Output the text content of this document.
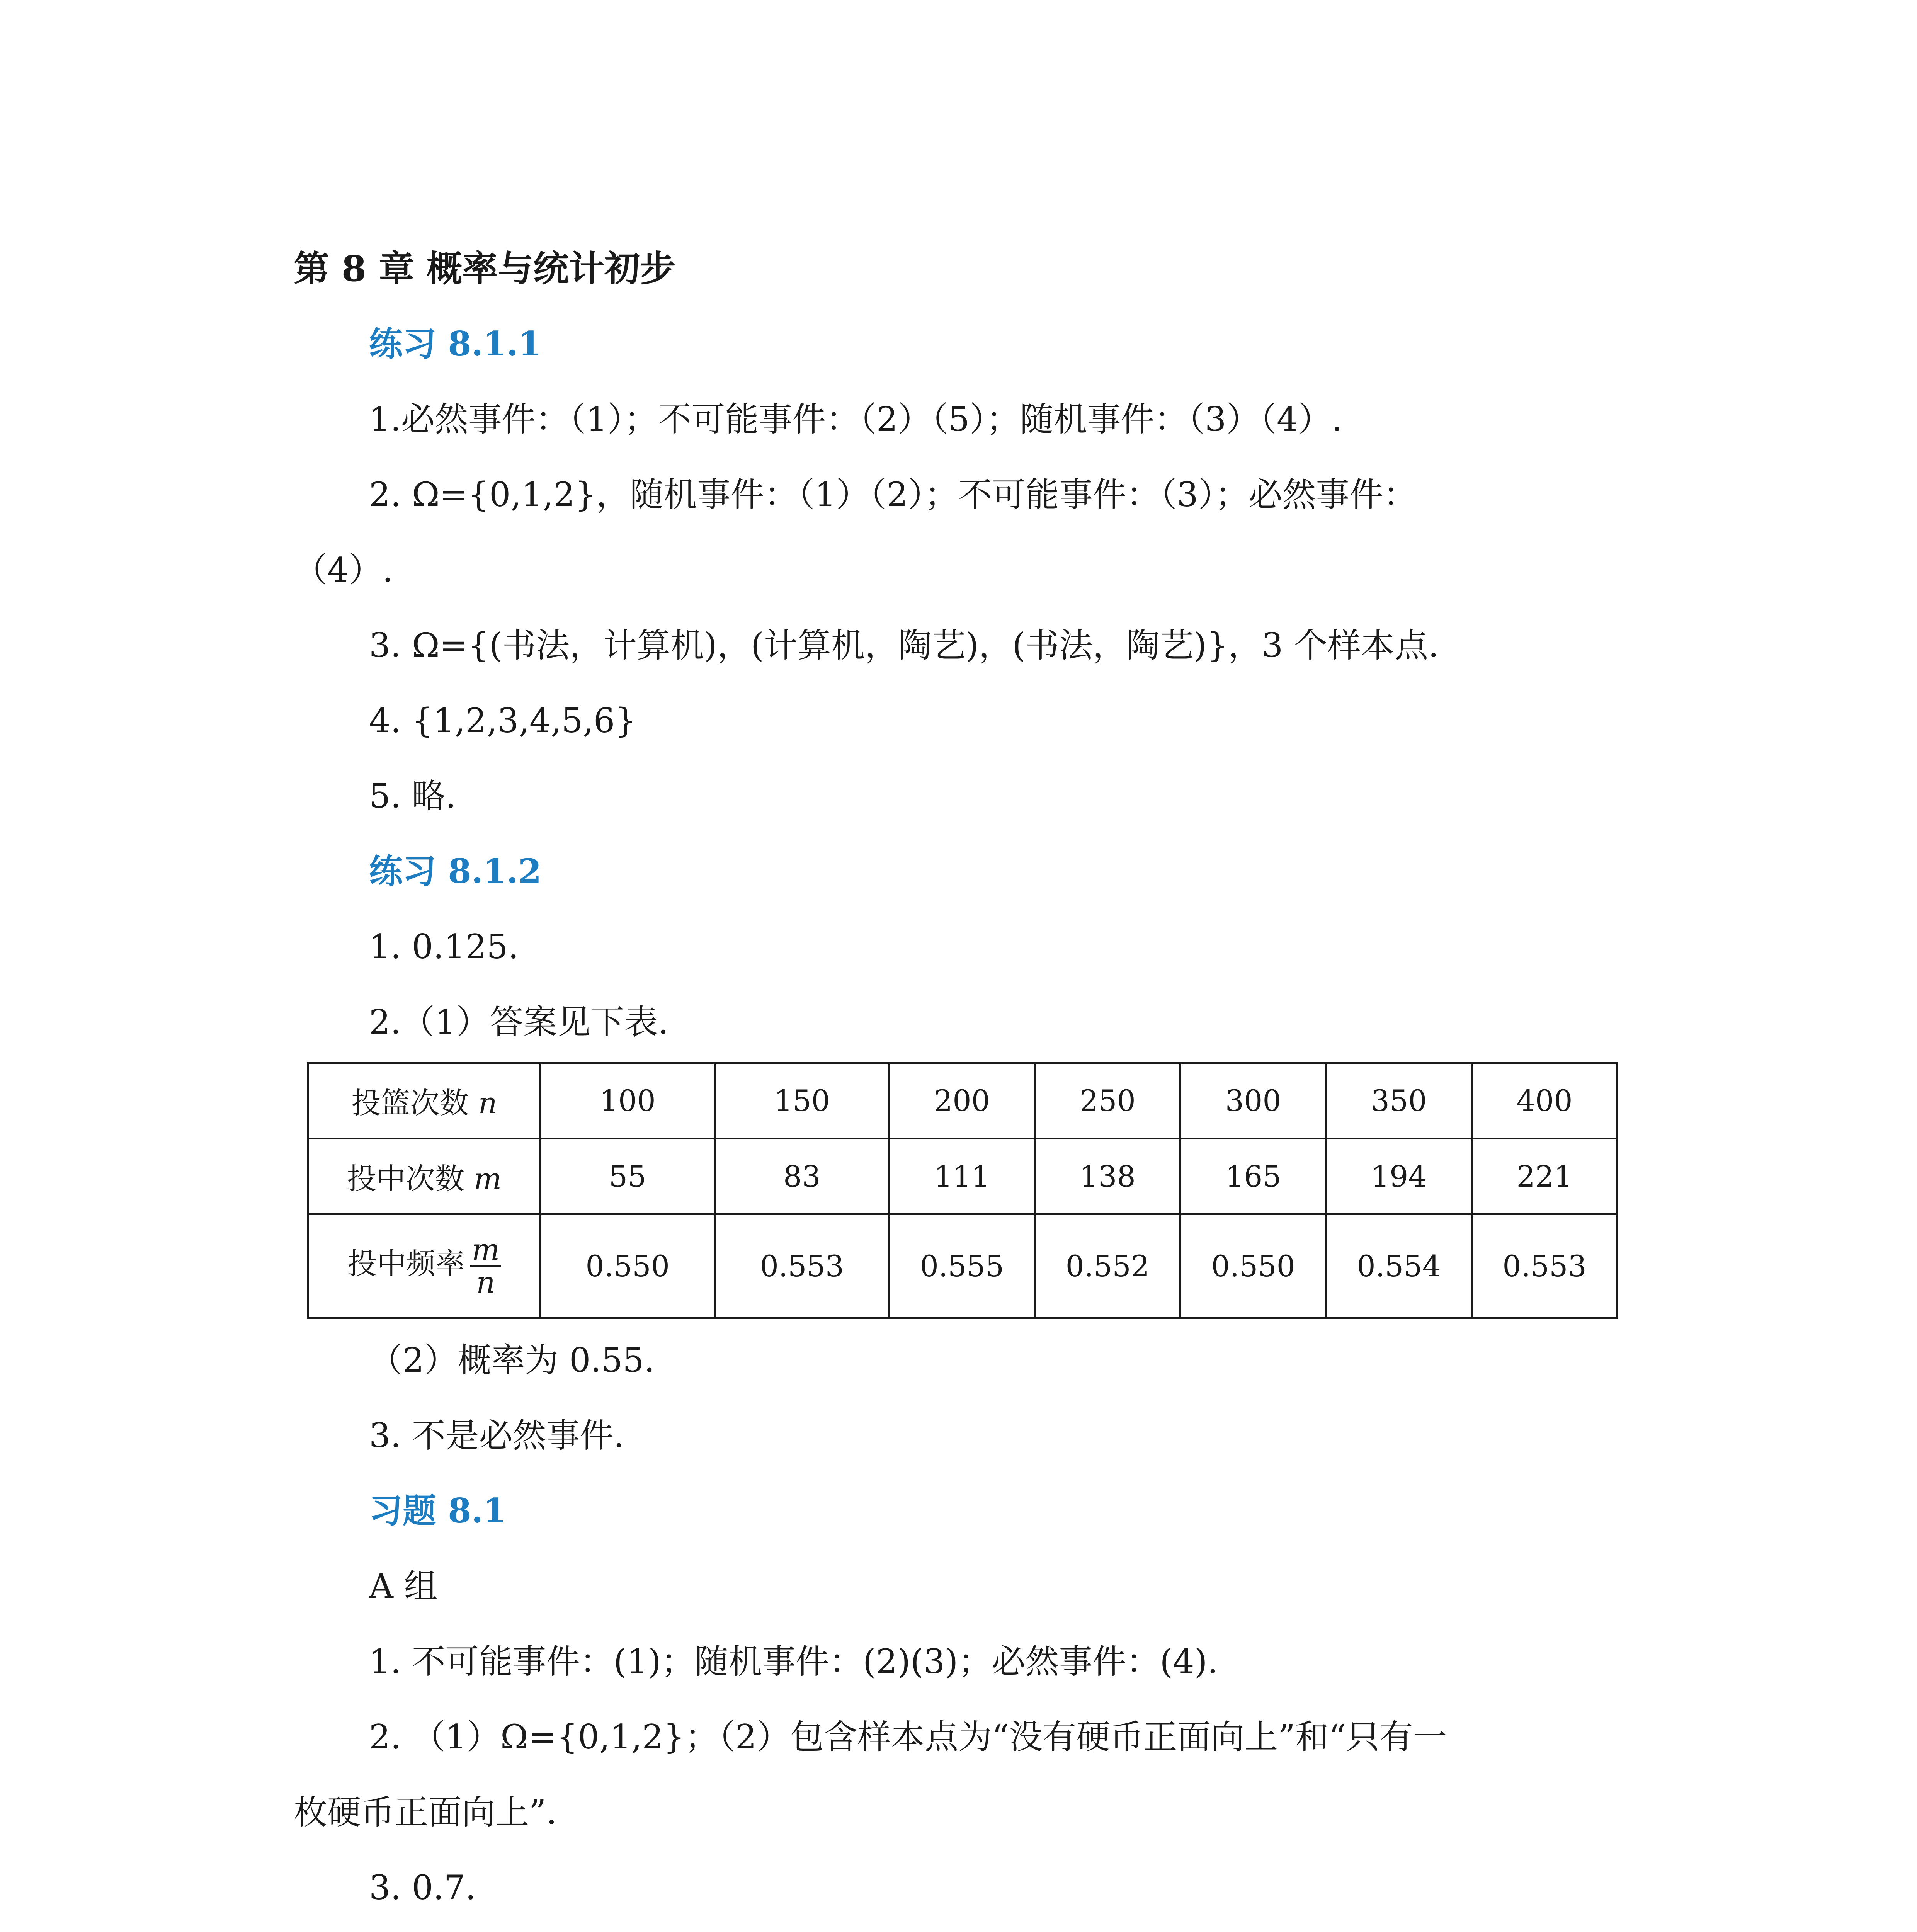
第 8 章 概率与统计初步
练习 8.1.1
1.必然事件：（1）；不可能事件：（2）（5）；随机事件：（3）（4）.
2. Ω={0,1,2}，随机事件：（1）（2）；不可能事件：（3）；必然事件：
（4）.
3. Ω={(书法，计算机)，(计算机，陶艺)，(书法，陶艺)}，3 个样本点.
4. {1,2,3,4,5,6}
5. 略.
练习 8.1.2
1. 0.125.
2.（1）答案见下表.
投篮次数 n	100	150	200	250	300	350	400
投中次数 m	55	83	111	138	165	194	221
投中频率 $\frac{m}{n}$	0.550	0.553	0.555	0.552	0.550	0.554	0.553
（2）概率为 0.55.
3. 不是必然事件.
习题 8.1
A 组
1. 不可能事件：(1)；随机事件：(2)(3)；必然事件：(4).
2. （1）Ω={0,1,2}；（2）包含样本点为“没有硬币正面向上”和“只有一
枚硬币正面向上”.
3. 0.7.
